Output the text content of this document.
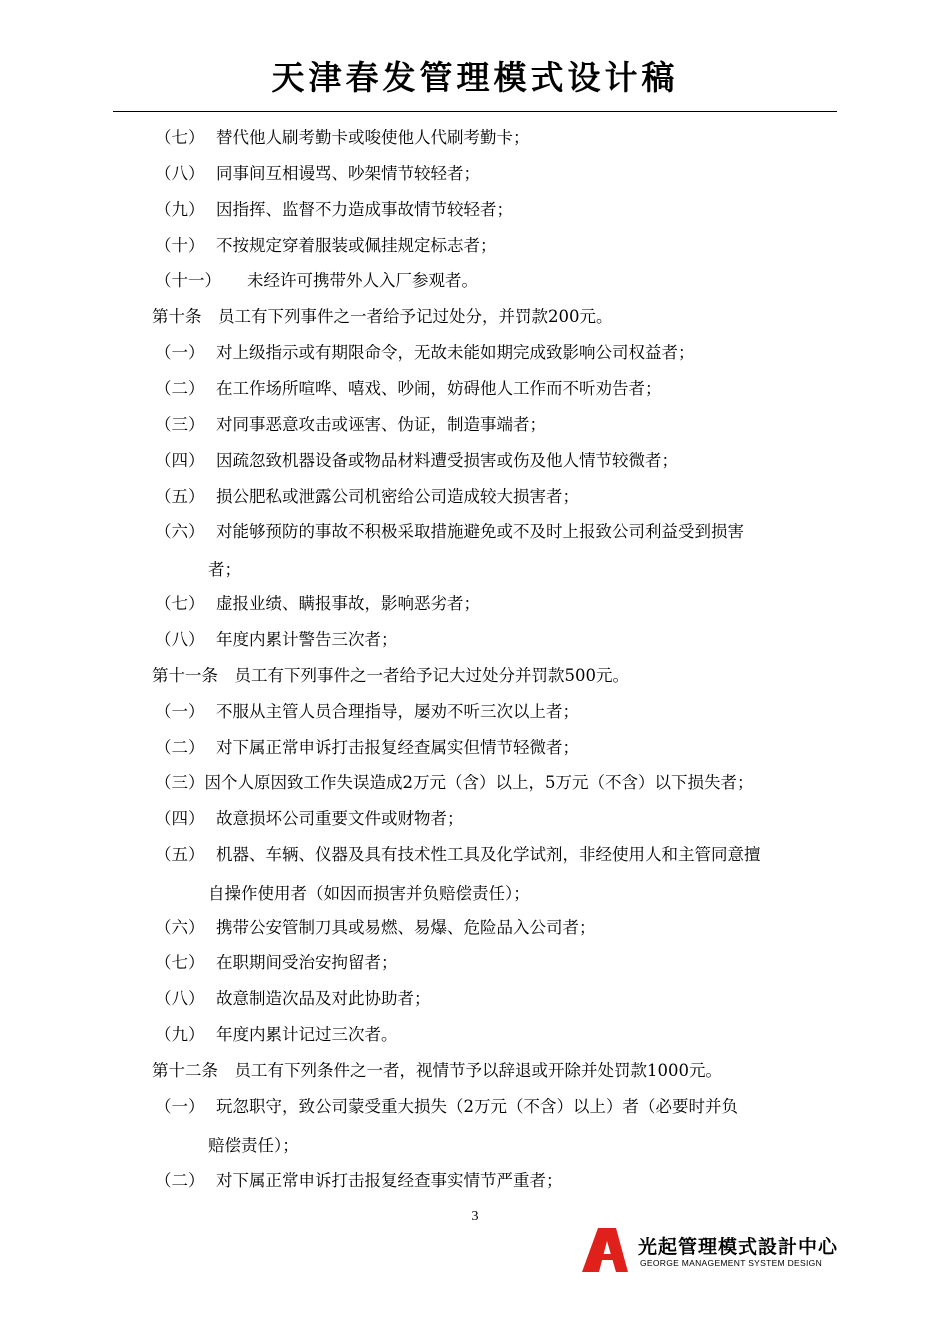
天津春发管理模式设计稿
（七） 替代他人刷考勤卡或唆使他人代刷考勤卡；
（八） 同事间互相谩骂、吵架情节较轻者；
（九） 因指挥、监督不力造成事故情节较轻者；
（十） 不按规定穿着服装或佩挂规定标志者；
（十一） 未经许可携带外人入厂参观者。
第十条　员工有下列事件之一者给予记过处分，并罚款200元。
（一） 对上级指示或有期限命令，无故未能如期完成致影响公司权益者；
（二） 在工作场所喧哗、嘻戏、吵闹，妨碍他人工作而不听劝告者；
（三） 对同事恶意攻击或诬害、伪证，制造事端者；
（四） 因疏忽致机器设备或物品材料遭受损害或伤及他人情节较微者；
（五） 损公肥私或泄露公司机密给公司造成较大损害者；
（六） 对能够预防的事故不积极采取措施避免或不及时上报致公司利益受到损害
者；
（七） 虚报业绩、瞒报事故，影响恶劣者；
（八） 年度内累计警告三次者；
第十一条　员工有下列事件之一者给予记大过处分并罚款500元。
（一） 不服从主管人员合理指导，屡劝不听三次以上者；
（二） 对下属正常申诉打击报复经查属实但情节轻微者；
（三）因个人原因致工作失误造成2万元（含）以上，5万元（不含）以下损失者；
（四） 故意损坏公司重要文件或财物者；
（五） 机器、车辆、仪器及具有技术性工具及化学试剂，非经使用人和主管同意擅
自操作使用者（如因而损害并负赔偿责任）；
（六） 携带公安管制刀具或易燃、易爆、危险品入公司者；
（七） 在职期间受治安拘留者；
（八） 故意制造次品及对此协助者；
（九） 年度内累计记过三次者。
第十二条　员工有下列条件之一者，视情节予以辞退或开除并处罚款1000元。
（一） 玩忽职守，致公司蒙受重大损失（2万元（不含）以上）者（必要时并负
赔偿责任）；
（二） 对下属正常申诉打击报复经查事实情节严重者；
3
光起管理模式設計中心
GEORGE MANAGEMENT SYSTEM DESIGN
